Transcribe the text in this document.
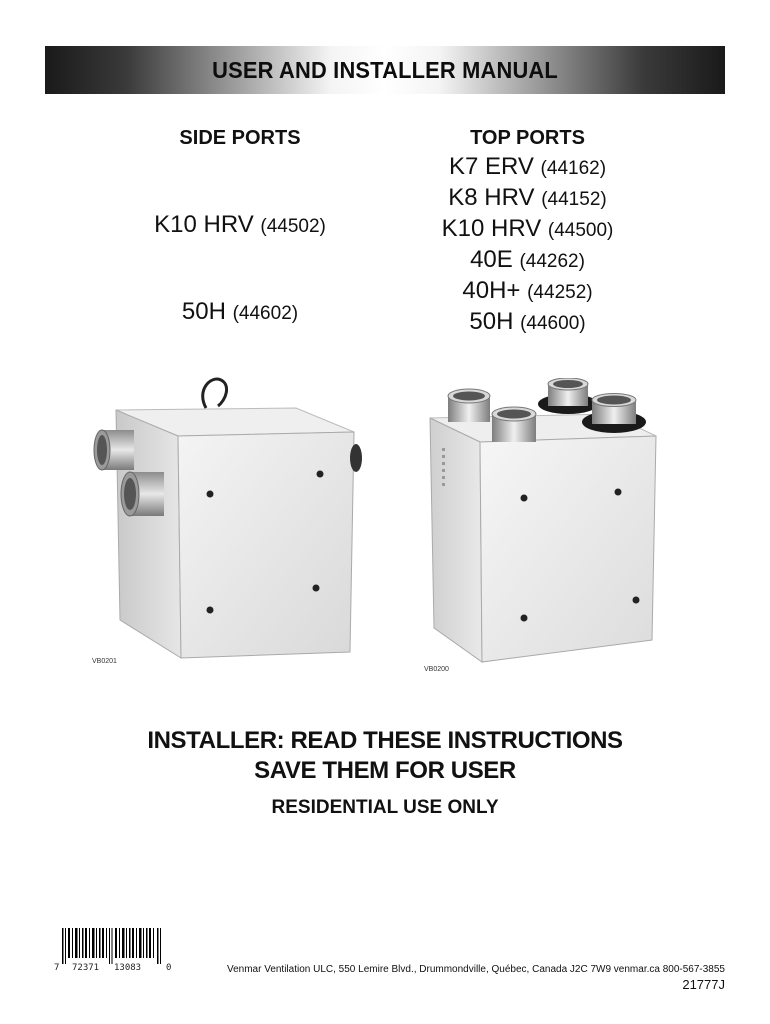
USER AND INSTALLER MANUAL
SIDE PORTS
K10 HRV (44502)
50H (44602)
TOP PORTS
K7 ERV (44162)
K8 HRV (44152)
K10 HRV (44500)
40E (44262)
40H+ (44252)
50H (44600)
VB0201
VB0200
INSTALLER: READ THESE INSTRUCTIONS
SAVE THEM FOR USER
RESIDENTIAL USE ONLY
7 72371 13083	0	Venmar Ventilation ULC, 550 Lemire Blvd., Drummondville, Québec, Canada J2C 7W9 venmar.ca 800-567-3855
21777J
